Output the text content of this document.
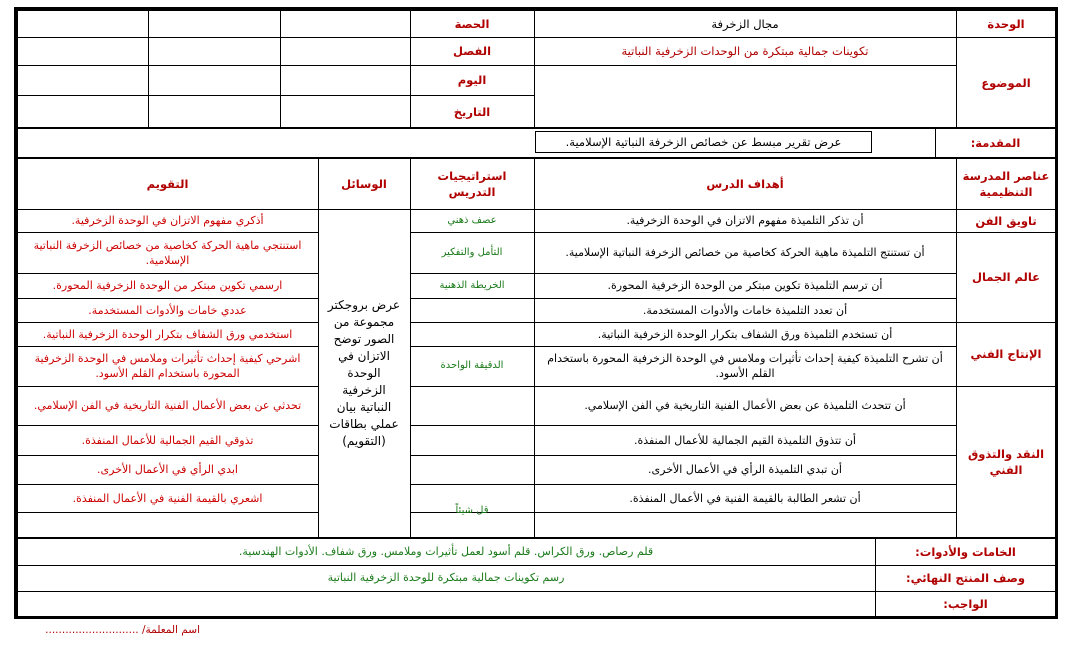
الوحدة
مجال الزخرفة
الموضوع
تكوينات جمالية مبتكرة من الوحدات الزخرفية النباتية
الحصة
الفصل
اليوم
التاريخ
المقدمة:
عرض تقرير مبسط عن خصائص الزخرفة النباتية الإسلامية.
عناصر المدرسة التنظيمية
أهداف الدرس
استراتيجيات التدريس
الوسائل
التقويم
تاويق الفن
عالم الجمال
الإنتاج الفني
النقد والتذوق الفني
أن تذكر التلميذة مفهوم الاتزان في الوحدة الزخرفية.
أن تستنتج التلميذة ماهية الحركة كخاصية من خصائص الزخرفة النباتية الإسلامية.
أن ترسم التلميذة تكوين مبتكر من الوحدة الزخرفية المحورة.
أن تعدد التلميذة خامات والأدوات المستخدمة.
أن تستخدم التلميذة ورق الشفاف بتكرار الوحدة الزخرفية النباتية.
أن تشرح التلميذة كيفية إحداث تأثيرات وملامس في الوحدة الزخرفية المحورة باستخدام القلم الأسود.
أن تتحدث التلميذة عن بعض الأعمال الفنية التاريخية في الفن الإسلامي.
أن تتذوق التلميذة القيم الجمالية للأعمال المنفذة.
أن تبدي التلميذة الرأي في الأعمال الأخرى.
أن تشعر الطالبة بالقيمة الفنية في الأعمال المنفذة.
عصف ذهني
التأمل والتفكير
الخريطة الذهنية
الدقيقة الواحدة
قل شيئاً
عرض بروجكتر مجموعة من الصور توضح الاتزان في الوحدة الزخرفية النباتية بيان عملي بطاقات (التقويم)
أذكري مفهوم الاتزان في الوحدة الزخرفية.
استنتجي ماهية الحركة كخاصية من خصائص الزخرفة النباتية الإسلامية.
ارسمي تكوين مبتكر من الوحدة الزخرفية المحورة.
عددي خامات والأدوات المستخدمة.
استخدمي ورق الشفاف بتكرار الوحدة الزخرفية النباتية.
اشرحي كيفية إحداث تأثيرات وملامس في الوحدة الزخرفية المحورة باستخدام القلم الأسود.
تحدثي عن بعض الأعمال الفنية التاريخية في الفن الإسلامي.
تذوقي القيم الجمالية للأعمال المنفذة.
ابدي الرأي في الأعمال الأخرى.
اشعري بالقيمة الفنية في الأعمال المنفذة.
الخامات والأدوات:
قلم رصاص. ورق الكراس. قلم أسود لعمل تأثيرات وملامس. ورق شفاف. الأدوات الهندسية.
وصف المنتج النهائي:
رسم تكوينات جمالية مبتكرة للوحدة الزخرفية النباتية
الواجب:
اسم المعلمة/ ............................
